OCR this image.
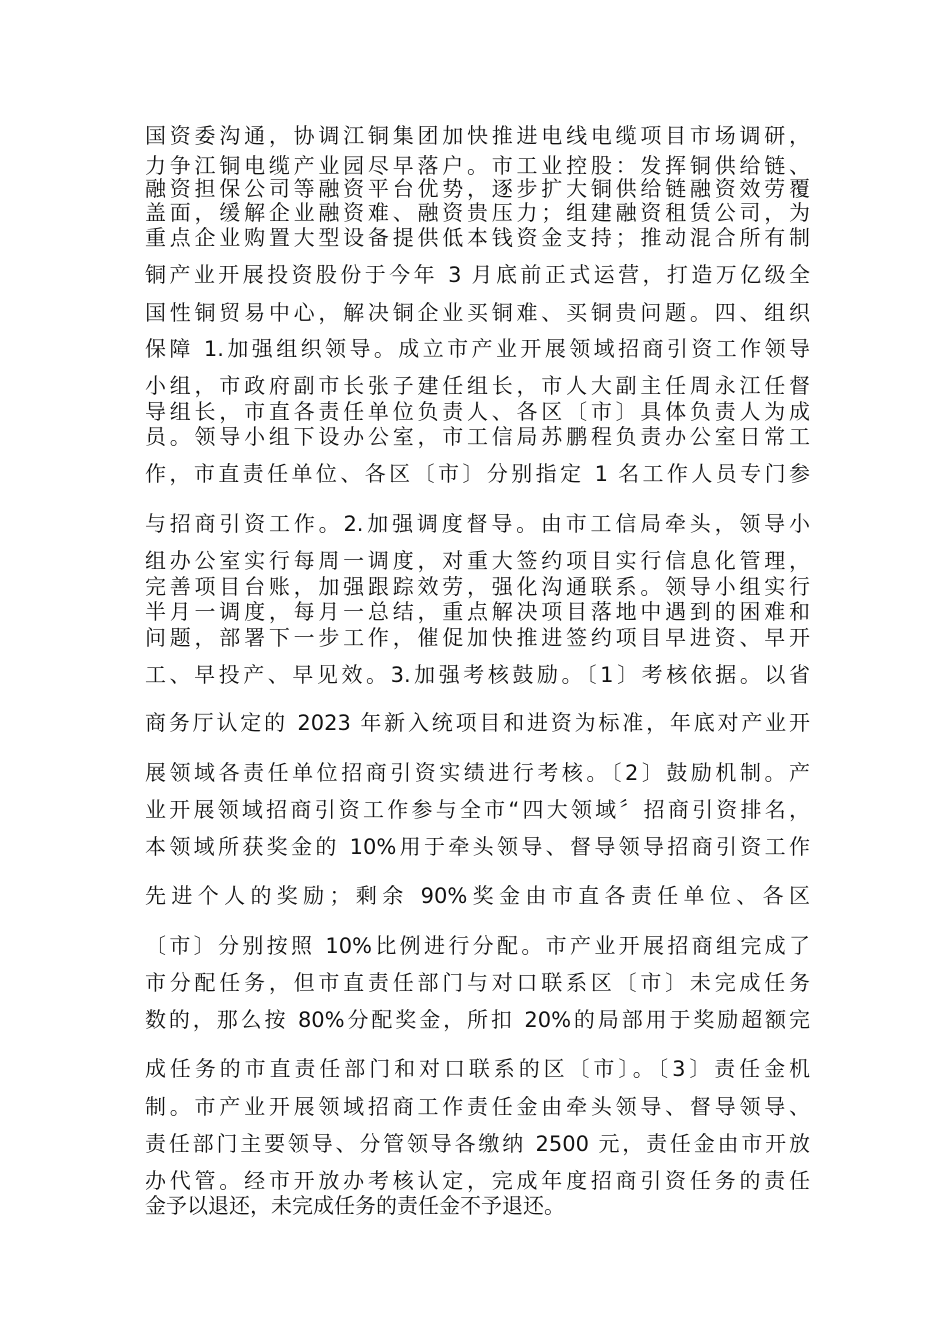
国资委沟通，协调江铜集团加快推进电线电缆项目市场调研，
力争江铜电缆产业园尽早落户。市工业控股：发挥铜供给链、
融资担保公司等融资平台优势，逐步扩大铜供给链融资效劳覆
盖面，缓解企业融资难、融资贵压力；组建融资租赁公司，为
重点企业购置大型设备提供低本钱资金支持；推动混合所有制
铜产业开展投资股份于今年 3 月底前正式运营，打造万亿级全
国性铜贸易中心，解决铜企业买铜难、买铜贵问题。四、组织
保障 1.加强组织领导。成立市产业开展领域招商引资工作领导
小组，市政府副市长张子建任组长，市人大副主任周永江任督
导组长，市直各责任单位负责人、各区〔市〕具体负责人为成
员。领导小组下设办公室，市工信局苏鹏程负责办公室日常工
作，市直责任单位、各区〔市〕分别指定 1 名工作人员专门参
与招商引资工作。2.加强调度督导。由市工信局牵头，领导小
组办公室实行每周一调度，对重大签约项目实行信息化管理，
完善项目台账，加强跟踪效劳，强化沟通联系。领导小组实行
半月一调度，每月一总结，重点解决项目落地中遇到的困难和
问题，部署下一步工作，催促加快推进签约项目早进资、早开
工、早投产、早见效。3.加强考核鼓励。〔1〕考核依据。以省
商务厅认定的 2023 年新入统项目和进资为标准，年底对产业开
展领域各责任单位招商引资实绩进行考核。〔2〕鼓励机制。产
业开展领域招商引资工作参与全市“四大领域〞招商引资排名，
本领域所获奖金的 10%用于牵头领导、督导领导招商引资工作
先进个人的奖励；剩余 90%奖金由市直各责任单位、各区
〔市〕分别按照 10%比例进行分配。市产业开展招商组完成了
市分配任务，但市直责任部门与对口联系区〔市〕未完成任务
数的，那么按 80%分配奖金，所扣 20%的局部用于奖励超额完
成任务的市直责任部门和对口联系的区〔市〕。〔3〕责任金机
制。市产业开展领域招商工作责任金由牵头领导、督导领导、
责任部门主要领导、分管领导各缴纳 2500 元，责任金由市开放
办代管。经市开放办考核认定，完成年度招商引资任务的责任
金予以退还，未完成任务的责任金不予退还。
